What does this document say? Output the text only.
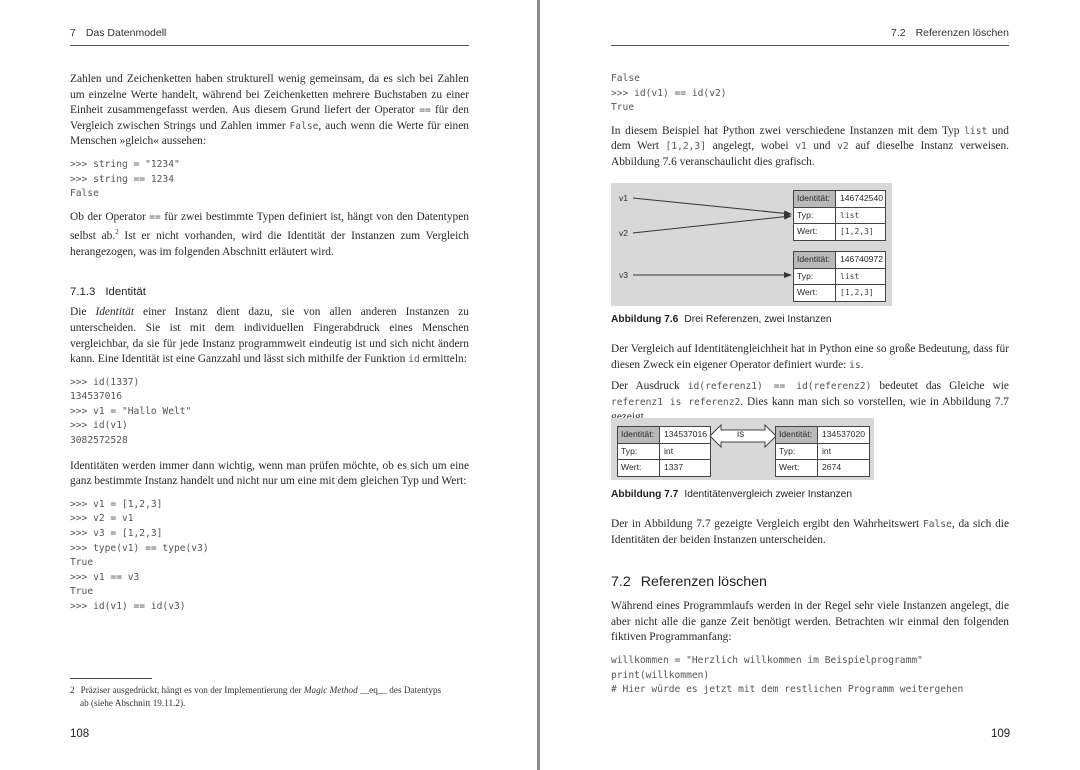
7 Das Datenmodell

Zahlen und Zeichenketten haben strukturell wenig gemeinsam, da es sich bei Zahlen um einzelne Werte handelt, während bei Zeichenketten mehrere Buchstaben zu einer Einheit zusammengefasst werden. Aus diesem Grund liefert der Operator == für den Vergleich zwischen Strings und Zahlen immer False, auch wenn die Werte für einen Menschen »gleich« aussehen:

>>> string = "1234"
>>> string == 1234
False

Ob der Operator == für zwei bestimmte Typen definiert ist, hängt von den Datentypen selbst ab.$^2$ Ist er nicht vorhanden, wird die Identität der Instanzen zum Vergleich herangezogen, was im folgenden Abschnitt erläutert wird.

7.1.3 Identität

Die Identität einer Instanz dient dazu, sie von allen anderen Instanzen zu unterscheiden. Sie ist mit dem individuellen Fingerabdruck eines Menschen vergleichbar, da sie für jede Instanz programmweit eindeutig ist und sich nicht ändern kann. Eine Identität ist eine Ganzzahl und lässt sich mithilfe der Funktion id ermitteln:

>>> id(1337)
134537016
>>> v1 = "Hallo Welt"
>>> id(v1)
3082572528

Identitäten werden immer dann wichtig, wenn man prüfen möchte, ob es sich um eine ganz bestimmte Instanz handelt und nicht nur um eine mit dem gleichen Typ und Wert:

>>> v1 = [1,2,3]
>>> v2 = v1
>>> v3 = [1,2,3]
>>> type(v1) == type(v3)
True
>>> v1 == v3
True
>>> id(v1) == id(v3)
2 Präziser ausgedrückt, hängt es von der Implementierung der Magic Method __eq__ des Datentyps
ab (siehe Abschnitt 19.11.2).
108
7.2 Referenzen löschen
False
>>> id(v1) == id(v2)
True

In diesem Beispiel hat Python zwei verschiedene Instanzen mit dem Typ list und dem Wert [1,2,3] angelegt, wobei v1 und v2 auf dieselbe Instanz verweisen. Abbildung 7.6 veranschaulicht dies grafisch.

v1
v2
v3
Identität:	146742540
Typ:	list
Wert:	[1,2,3]
Identität:	146740972
Typ:	list
Wert:	[1,2,3]
Abbildung 7.6 Drei Referenzen, zwei Instanzen

Der Vergleich auf Identitätengleichheit hat in Python eine so große Bedeutung, dass für diesen Zweck ein eigener Operator definiert wurde: is.

Der Ausdruck id(referenz1) == id(referenz2) bedeutet das Gleiche wie referenz1 is referenz2. Dies kann man sich so vorstellen, wie in Abbildung 7.7

Identität:	134537016
Typ:	int
Wert:	1337
is	Identität:	134537020
Typ:	int
Wert:	2674
Abbildung 7.7 Identitätenvergleich zweier Instanzen

Der in Abbildung 7.7 gezeigte Vergleich ergibt den Wahrheitswert False, da sich die Identitäten der beiden Instanzen unterscheiden.

7.2 Referenzen löschen

Während eines Programmlaufs werden in der Regel sehr viele Instanzen angelegt, die aber nicht alle die ganze Zeit benötigt werden. Betrachten wir einmal den folgenden fiktiven Programmanfang:

willkommen = "Herzlich willkommen im Beispielprogramm"
print(willkommen)
# Hier würde es jetzt mit dem restlichen Programm weitergehen
109
